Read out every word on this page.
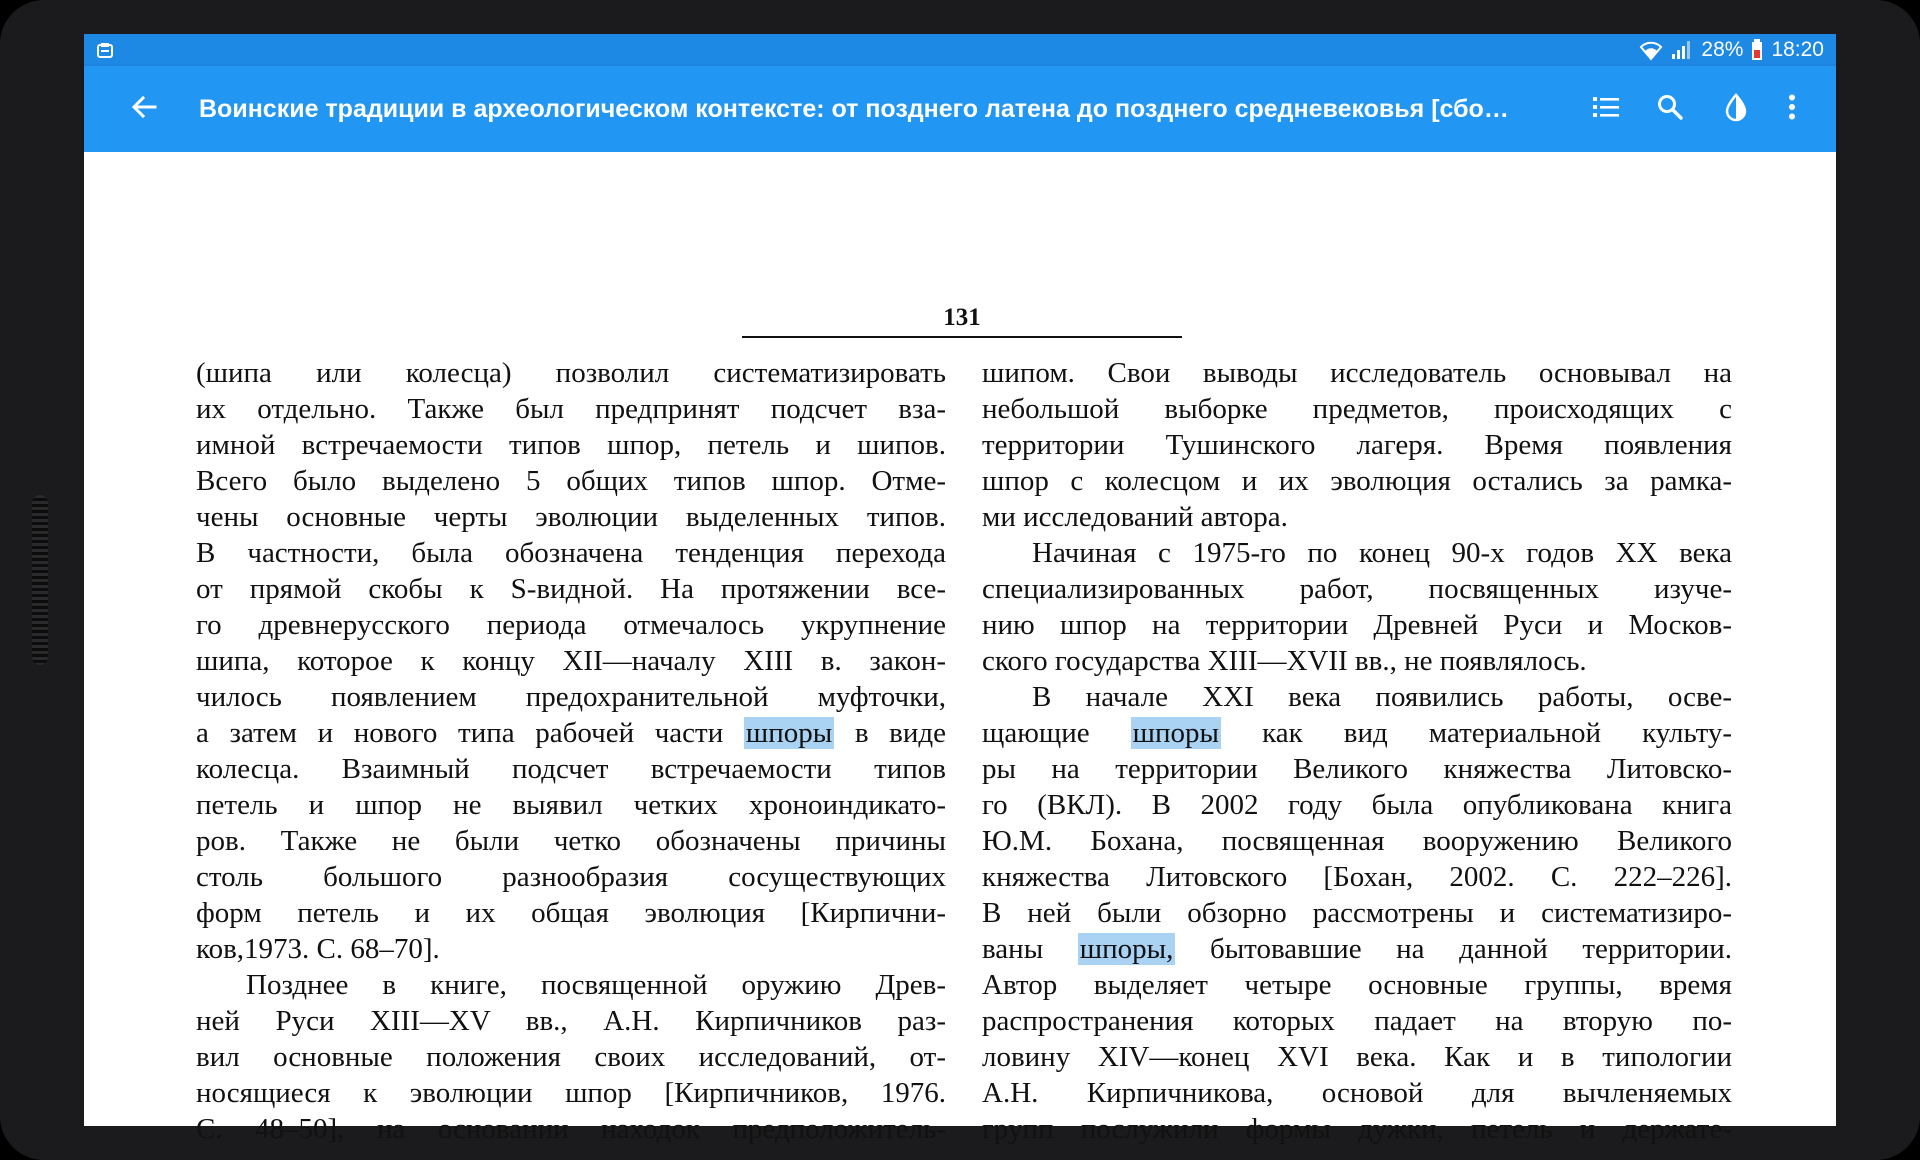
28% 18:20
Воинские традиции в археологическом контексте: от позднего латена до позднего средневековья [сбо…
131
(шипа или колесца) позволил систематизировать
их отдельно. Также был предпринят подсчет вза-
имной встречаемости типов шпор, петель и шипов.
Всего было выделено 5 общих типов шпор. Отме-
чены основные черты эволюции выделенных типов.
В частности, была обозначена тенденция перехода
от прямой скобы к S-видной. На протяжении все-
го древнерусского периода отмечалось укрупнение
шипа, которое к концу XII—началу XIII в. закон-
чилось появлением предохранительной муфточки,
а затем и нового типа рабочей части шпоры в виде
колесца. Взаимный подсчет встречаемости типов
петель и шпор не выявил четких хроноиндикато-
ров. Также не были четко обозначены причины
столь большого разнообразия сосуществующих
форм петель и их общая эволюция [Кирпични-
ков,1973. С. 68–70].
Позднее в книге, посвященной оружию Древ-
ней Руси XIII—XV вв., А.Н. Кирпичников раз-
вил основные положения своих исследований, от-
носящиеся к эволюции шпор [Кирпичников, 1976.
С. 48–50], на основании находок предположитель-
шипом. Свои выводы исследователь основывал на
небольшой выборке предметов, происходящих с
территории Тушинского лагеря. Время появления
шпор с колесцом и их эволюция остались за рамка-
ми исследований автора.
Начиная с 1975-го по конец 90-х годов XX века
специализированных работ, посвященных изуче-
нию шпор на территории Древней Руси и Москов-
ского государства XIII—XVII вв., не появлялось.
В начале XXI века появились работы, осве-
щающие шпоры как вид материальной культу-
ры на территории Великого княжества Литовско-
го (ВКЛ). В 2002 году была опубликована книга
Ю.М. Бохана, посвященная вооружению Великого
княжества Литовского [Бохан, 2002. С. 222–226].
В ней были обзорно рассмотрены и систематизиро-
ваны шпоры, бытовавшие на данной территории.
Автор выделяет четыре основные группы, время
распространения которых падает на вторую по-
ловину XIV—конец XVI века. Как и в типологии
А.Н. Кирпичникова, основой для вычленяемых
групп послужили формы дужки, петель и держате-
